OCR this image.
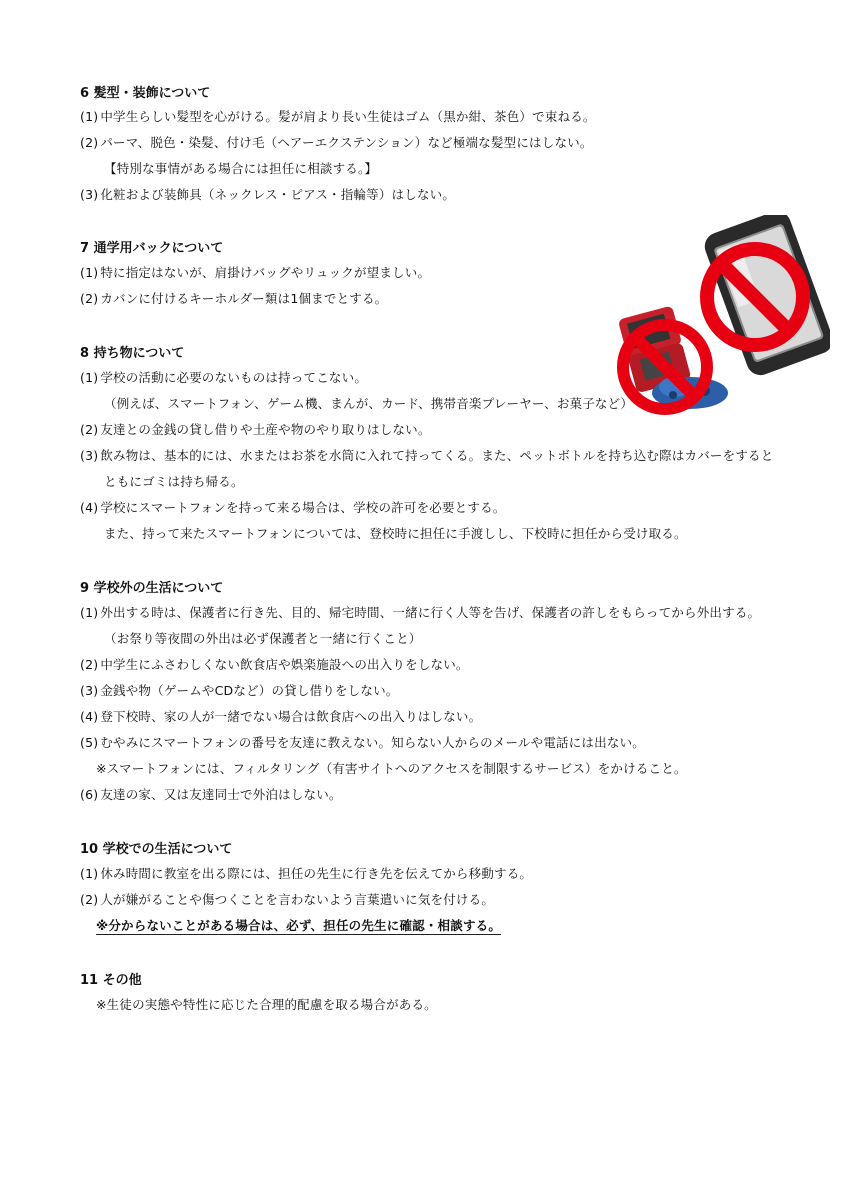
6 髪型・装飾について
(1) 中学生らしい髪型を心がける。髪が肩より長い生徒はゴム（黒か紺、茶色）で束ねる。
(2) パーマ、脱色・染髪、付け毛（ヘアーエクステンション）など極端な髪型にはしない。
【特別な事情がある場合には担任に相談する。】
(3) 化粧および装飾具（ネックレス・ピアス・指輪等）はしない。
7 通学用バックについて
(1) 特に指定はないが、肩掛けバッグやリュックが望ましい。
(2) カバンに付けるキーホルダー類は1個までとする。
8 持ち物について
(1) 学校の活動に必要のないものは持ってこない。
（例えば、スマートフォン、ゲーム機、まんが、カード、携帯音楽プレーヤー、お菓子など）
(2) 友達との金銭の貸し借りや土産や物のやり取りはしない。
(3) 飲み物は、基本的には、水またはお茶を水筒に入れて持ってくる。また、ペットボトルを持ち込む際はカバーをすると
ともにゴミは持ち帰る。
(4) 学校にスマートフォンを持って来る場合は、学校の許可を必要とする。
また、持って来たスマートフォンについては、登校時に担任に手渡しし、下校時に担任から受け取る。
9 学校外の生活について
(1) 外出する時は、保護者に行き先、目的、帰宅時間、一緒に行く人等を告げ、保護者の許しをもらってから外出する。
（お祭り等夜間の外出は必ず保護者と一緒に行くこと）
(2) 中学生にふさわしくない飲食店や娯楽施設への出入りをしない。
(3) 金銭や物（ゲームやCDなど）の貸し借りをしない。
(4) 登下校時、家の人が一緒でない場合は飲食店への出入りはしない。
(5) むやみにスマートフォンの番号を友達に教えない。知らない人からのメールや電話には出ない。
※スマートフォンには、フィルタリング（有害サイトへのアクセスを制限するサービス）をかけること。
(6) 友達の家、又は友達同士で外泊はしない。
10 学校での生活について
(1) 休み時間に教室を出る際には、担任の先生に行き先を伝えてから移動する。
(2) 人が嫌がることや傷つくことを言わないよう言葉遣いに気を付ける。
※分からないことがある場合は、必ず、担任の先生に確認・相談する。
11 その他
※生徒の実態や特性に応じた合理的配慮を取る場合がある。
